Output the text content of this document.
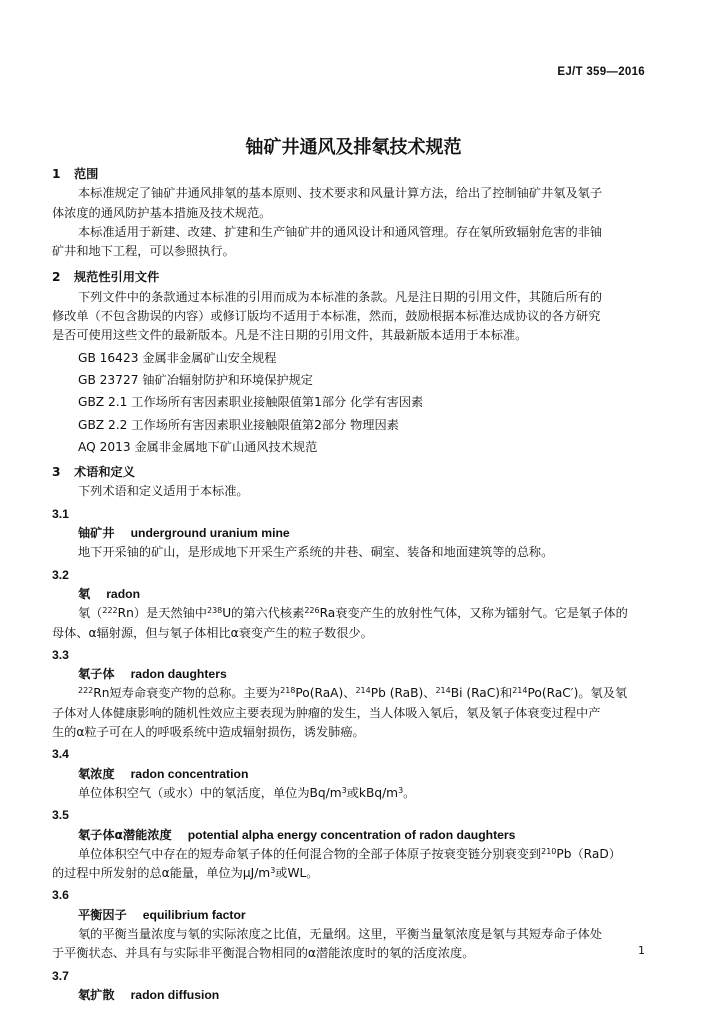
EJ/T 359—2016
铀矿井通风及排氡技术规范
1 范围
本标准规定了铀矿井通风排氡的基本原则、技术要求和风量计算方法，给出了控制铀矿井氡及氡子
体浓度的通风防护基本措施及技术规范。
本标准适用于新建、改建、扩建和生产铀矿井的通风设计和通风管理。存在氡所致辐射危害的非铀
矿井和地下工程，可以参照执行。
2 规范性引用文件
下列文件中的条款通过本标准的引用而成为本标准的条款。凡是注日期的引用文件，其随后所有的
修改单（不包含勘误的内容）或修订版均不适用于本标准，然而，鼓励根据本标准达成协议的各方研究
是否可使用这些文件的最新版本。凡是不注日期的引用文件，其最新版本适用于本标准。
GB 16423 金属非金属矿山安全规程
GB 23727 铀矿冶辐射防护和环境保护规定
GBZ 2.1 工作场所有害因素职业接触限值第1部分 化学有害因素
GBZ 2.2 工作场所有害因素职业接触限值第2部分 物理因素
AQ 2013 金属非金属地下矿山通风技术规范
3 术语和定义
下列术语和定义适用于本标准。
3.1
铀矿井 underground uranium mine
地下开采铀的矿山，是形成地下开采生产系统的井巷、硐室、装备和地面建筑等的总称。
3.2
氡 radon
氡（$^{222}$Rn）是天然铀中$^{238}$U的第六代核素$^{226}$Ra衰变产生的放射性气体，又称为镭射气。它是氡子体的
母体、α辐射源，但与氡子体相比α衰变产生的粒子数很少。
3.3
氡子体 radon daughters
$^{222}$Rn短寿命衰变产物的总称。主要为$^{218}$Po(RaA)、$^{214}$Pb (RaB)、$^{214}$Bi (RaC)和$^{214}$Po(RaC′)。氡及氡
子体对人体健康影响的随机性效应主要表现为肿瘤的发生，当人体吸入氡后，氡及氡子体衰变过程中产
生的α粒子可在人的呼吸系统中造成辐射损伤，诱发肺癌。
3.4
氡浓度 radon concentration
单位体积空气（或水）中的氡活度，单位为$Bq/m^3$或kBq/$m^3$。
3.5
氡子体α潜能浓度 potential alpha energy concentration of radon daughters
单位体积空气中存在的短寿命氡子体的任何混合物的全部子体原子按衰变链分别衰变到$^{210}$Pb（RaD）
的过程中所发射的总α能量，单位为$\mu J/m^3$或WL。
3.6
平衡因子 equilibrium factor
氡的平衡当量浓度与氡的实际浓度之比值，无量纲。这里，平衡当量氡浓度是氡与其短寿命子体处
于平衡状态、并具有与实际非平衡混合物相同的α潜能浓度时的氡的活度浓度。
3.7
氡扩散 radon diffusion
1
